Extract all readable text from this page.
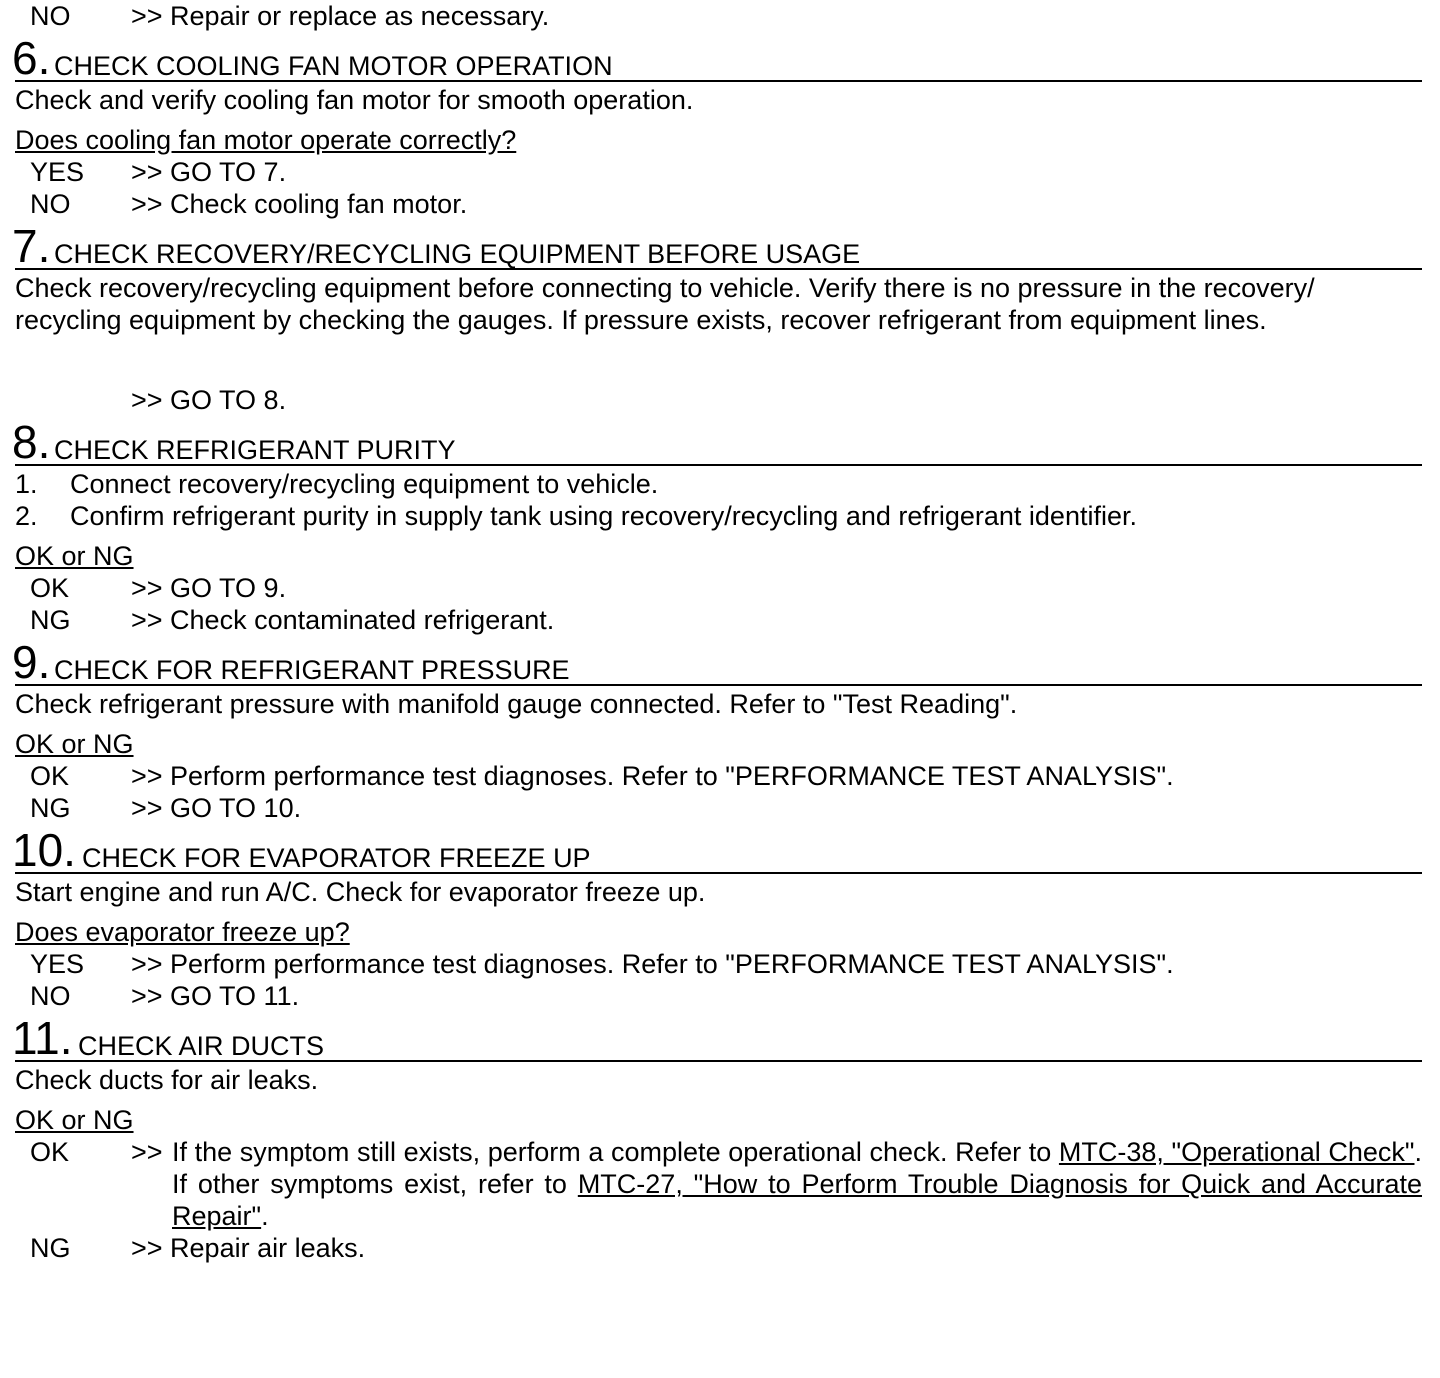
NO >> Repair or replace as necessary.
6. CHECK COOLING FAN MOTOR OPERATION
Check and verify cooling fan motor for smooth operation.
Does cooling fan motor operate correctly?
YES >> GO TO 7.
NO >> Check cooling fan motor.
7. CHECK RECOVERY/RECYCLING EQUIPMENT BEFORE USAGE
Check recovery/recycling equipment before connecting to vehicle. Verify there is no pressure in the recovery/
recycling equipment by checking the gauges. If pressure exists, recover refrigerant from equipment lines.
>> GO TO 8.
8. CHECK REFRIGERANT PURITY
1. Connect recovery/recycling equipment to vehicle.
2. Confirm refrigerant purity in supply tank using recovery/recycling and refrigerant identifier.
OK or NG
OK >> GO TO 9.
NG >> Check contaminated refrigerant.
9. CHECK FOR REFRIGERANT PRESSURE
Check refrigerant pressure with manifold gauge connected. Refer to "Test Reading".
OK or NG
OK >> Perform performance test diagnoses. Refer to "PERFORMANCE TEST ANALYSIS".
NG >> GO TO 10.
10. CHECK FOR EVAPORATOR FREEZE UP
Start engine and run A/C. Check for evaporator freeze up.
Does evaporator freeze up?
YES >> Perform performance test diagnoses. Refer to "PERFORMANCE TEST ANALYSIS".
NO >> GO TO 11.
11. CHECK AIR DUCTS
Check ducts for air leaks.
OK or NG
OK >> If the symptom still exists, perform a complete operational check. Refer to MTC-38, "Operational Check". If other symptoms exist, refer to MTC-27, "How to Perform Trouble Diagnosis for Quick and Accurate Repair".
NG >> Repair air leaks.
